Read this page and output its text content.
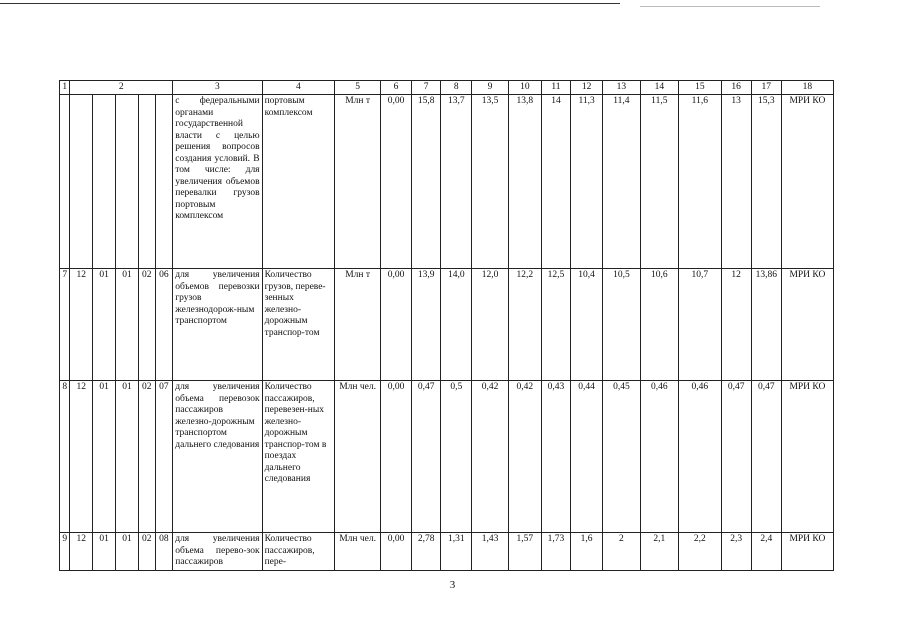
1	2					3	4	5	6	7	8	9	10	11	12	13	14	15	16	17	18
						с федеральными органами государственной власти с целью решения вопросов создания условий. В том числе: для увеличения объемов перевалки грузов портовым комплексом	портовым комплексом	Млн т	0,00	15,8	13,7	13,5	13,8	14	11,3	11,4	11,5	11,6	13	15,3	МРИ КО
7	12	01	01	02	06	для увеличения объемов перевозки грузов железнодорож-ным транспортом	Количество грузов, переве-зенных железно-дорожным транспор-том	Млн т	0,00	13,9	14,0	12,0	12,2	12,5	10,4	10,5	10,6	10,7	12	13,86	МРИ КО
8	12	01	01	02	07	для увеличения объема перевозок пассажиров железно-дорожным транспортом дальнего следования	Количество пассажиров, перевезен-ных железно-дорожным транспор-том в поездах дальнего следования	Млн чел.	0,00	0,47	0,5	0,42	0,42	0,43	0,44	0,45	0,46	0,46	0,47	0,47	МРИ КО
9	12	01	01	02	08	для увеличения объема перево-зок пассажиров	Количество пассажиров, пере-	Млн чел.	0,00	2,78	1,31	1,43	1,57	1,73	1,6	2	2,1	2,2	2,3	2,4	МРИ КО
3
